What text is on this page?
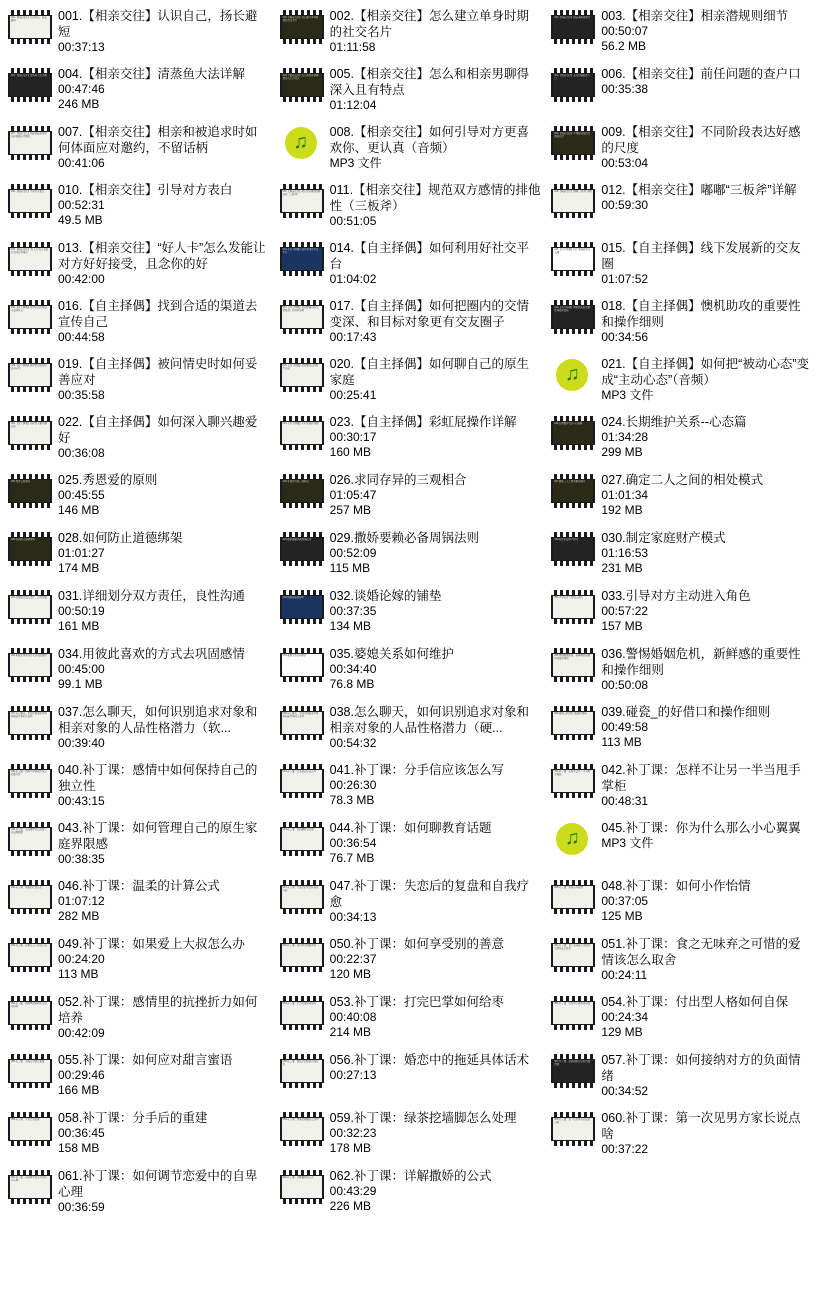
001.【相亲交往】认识自己，扬长避短	001.【相亲交往】认识自己，扬长避短
00:37:13
002.【相亲交往】怎么建立单身时期的社交名片	002.【相亲交往】怎么建立单身时期的社交名片
01:11:58
003.【相亲交往】相亲潜规则细节 003.【相亲交往】相亲潜规则细节
00:50:07
56.2 MB
004.【相亲交往】清蒸鱼大法详解 004.【相亲交往】清蒸鱼大法详解
00:47:46
246 MB
005.【相亲交往】怎么和相亲男聊得深入且有特点	005.【相亲交往】怎么和相亲男聊得深入且有特点
01:12:04
006.【相亲交往】前任问题的查户口	006.【相亲交往】前任问题的查户口
00:35:38
007.【相亲交往】相亲和被追求时如何体面应对邀约，	007.【相亲交往】相亲和被追求时如何体面应对邀约，不留话柄
00:41:06
♫ 008.【相亲交往】如何引导对方更喜欢你、更认真（音频）
MP3 文件
009.【相亲交往】不同阶段表达好感的尺度	009.【相亲交往】不同阶段表达好感的尺度
00:53:04
010.【相亲交往】引导对方表白	010.【相亲交往】引导对方表白
00:52:31
49.5 MB
011.【相亲交往】规范双方感情的排他性（三板斧）	011.【相亲交往】规范双方感情的排他性（三板斧）
00:51:05
012.【相亲交往】嘟嘟“三板斧”详解 012.【相亲交往】嘟嘟“三板斧”详解
00:59:30
013.【相亲交往】“好人卡”怎么发能让对方好好接受	013.【相亲交往】“好人卡”怎么发能让对方好好接受，且念你的好
00:42:00
014.【自主择偶】如何利用好社交平台	014.【自主择偶】如何利用好社交平台
01:04:02
015.【自主择偶】线下发展新的交友圈	015.【自主择偶】线下发展新的交友圈
01:07:52
016.【自主择偶】找到合适的渠道去宣传自己	016.【自主择偶】找到合适的渠道去宣传自己
00:44:58
017.【自主择偶】如何把圈内的交情变深、和目标对象	017.【自主择偶】如何把圈内的交情变深、和目标对象更有交友圈子
00:17:43
018.【自主择偶】懊机助攻的重要性和操作细则	018.【自主择偶】懊机助攻的重要性和操作细则
00:34:56
019.【自主择偶】被问情史时如何妥善应对	019.【自主择偶】被问情史时如何妥善应对
00:35:58
020.【自主择偶】如何聊自己的原生家庭	020.【自主择偶】如何聊自己的原生家庭
00:25:41
♫ 021.【自主择偶】如何把“被动心态”变成“主动心态”（音频）
MP3 文件
022.【自主择偶】如何深入聊兴趣爱好	022.【自主择偶】如何深入聊兴趣爱好
00:36:08
023.【自主择偶】彩虹屁操作详解 023.【自主择偶】彩虹屁操作详解
00:30:17
160 MB
024.长期维护关系--心态篇	024.长期维护关系--心态篇
01:34:28
299 MB
025.秀恩爱的原则	025.秀恩爱的原则
00:45:55
146 MB
026.求同存异的三观相合	026.求同存异的三观相合
01:05:47
257 MB
027.确定二人之间的相处模式	027.确定二人之间的相处模式
01:01:34
192 MB
028.如何防止道德绑架	028.如何防止道德绑架
01:01:27
174 MB
029.撒娇要赖必备周锅法则	029.撒娇要赖必备周锅法则
00:52:09
115 MB
030.制定家庭财产模式	030.制定家庭财产模式
01:16:53
231 MB
031.详细划分双方责任，良性沟通 031.详细划分双方责任，良性沟通
00:50:19
161 MB
032.谈婚论嫁的铺垫	032.谈婚论嫁的铺垫
00:37:35
134 MB
033.引导对方主动进入角色	033.引导对方主动进入角色
00:57:22
157 MB
034.用彼此喜欢的方式去巩固感情 034.用彼此喜欢的方式去巩固感情
00:45:00
99.1 MB
035.婆媳关系如何维护	035.婆媳关系如何维护
00:34:40
76.8 MB
036.警惕婚姻危机，新鲜感的重要性和操作细则	036.警惕婚姻危机，新鲜感的重要性和操作细则
00:50:08
037.怎么聊天，如何识别追求对象和相亲对象的人品性	037.怎么聊天，如何识别追求对象和相亲对象的人品性格潜力（软...
00:39:40
038.怎么聊天，如何识别追求对象和相亲对象的人品性	038.怎么聊天，如何识别追求对象和相亲对象的人品性格潜力（硬...
00:54:32
039.碰瓷_的好借口和操作细则	039.碰瓷_的好借口和操作细则
00:49:58
113 MB
040.补丁课：感情中如何保持自己的独立性	040.补丁课：感情中如何保持自己的独立性
00:43:15
041.补丁课：分手信应该怎么写	041.补丁课：分手信应该怎么写
00:26:30
78.3 MB
042.补丁课：怎样不让另一半当甩手掌柜	042.补丁课：怎样不让另一半当甩手掌柜
00:48:31
043.补丁课：如何管理自己的原生家庭界限感	043.补丁课：如何管理自己的原生家庭界限感
00:38:35
044.补丁课：如何聊教育话题	044.补丁课：如何聊教育话题
00:36:54
76.7 MB
♫ 045.补丁课：你为什么那么小心翼翼
MP3 文件
046.补丁课：温柔的计算公式	046.补丁课：温柔的计算公式
01:07:12
282 MB
047.补丁课：失恋后的复盘和自我疗愈	047.补丁课：失恋后的复盘和自我疗愈
00:34:13
048.补丁课：如何小作怡情	048.补丁课：如何小作怡情
00:37:05
125 MB
049.补丁课：如果爱上大叔怎么办 049.补丁课：如果爱上大叔怎么办
00:24:20
113 MB
050.补丁课：如何享受别的善意	050.补丁课：如何享受别的善意
00:22:37
120 MB
051.补丁课：食之无味弃之可惜的爱情该怎么取舍	051.补丁课：食之无味弃之可惜的爱情该怎么取舍
00:24:11
052.补丁课：感情里的抗挫折力如何培养	052.补丁课：感情里的抗挫折力如何培养
00:42:09
053.补丁课：打完巴掌如何给枣	053.补丁课：打完巴掌如何给枣
00:40:08
214 MB
054.补丁课：付出型人格如何自保 054.补丁课：付出型人格如何自保
00:24:34
129 MB
055.补丁课：如何应对甜言蜜语	055.补丁课：如何应对甜言蜜语
00:29:46
166 MB
056.补丁课：婚恋中的拖延具体话术	056.补丁课：婚恋中的拖延具体话术
00:27:13
057.补丁课：如何接纳对方的负面情绪	057.补丁课：如何接纳对方的负面情绪
00:34:52
058.补丁课：分手后的重建	058.补丁课：分手后的重建
00:36:45
158 MB
059.补丁课：绿茶挖墙脚怎么处理 059.补丁课：绿茶挖墙脚怎么处理
00:32:23
178 MB
060.补丁课：第一次见男方家长说点啥	060.补丁课：第一次见男方家长说点啥
00:37:22
061.补丁课：如何调节恋爱中的自卑心理	061.补丁课：如何调节恋爱中的自卑心理
00:36:59
062.补丁课：详解撒娇的公式	062.补丁课：详解撒娇的公式
00:43:29
226 MB
